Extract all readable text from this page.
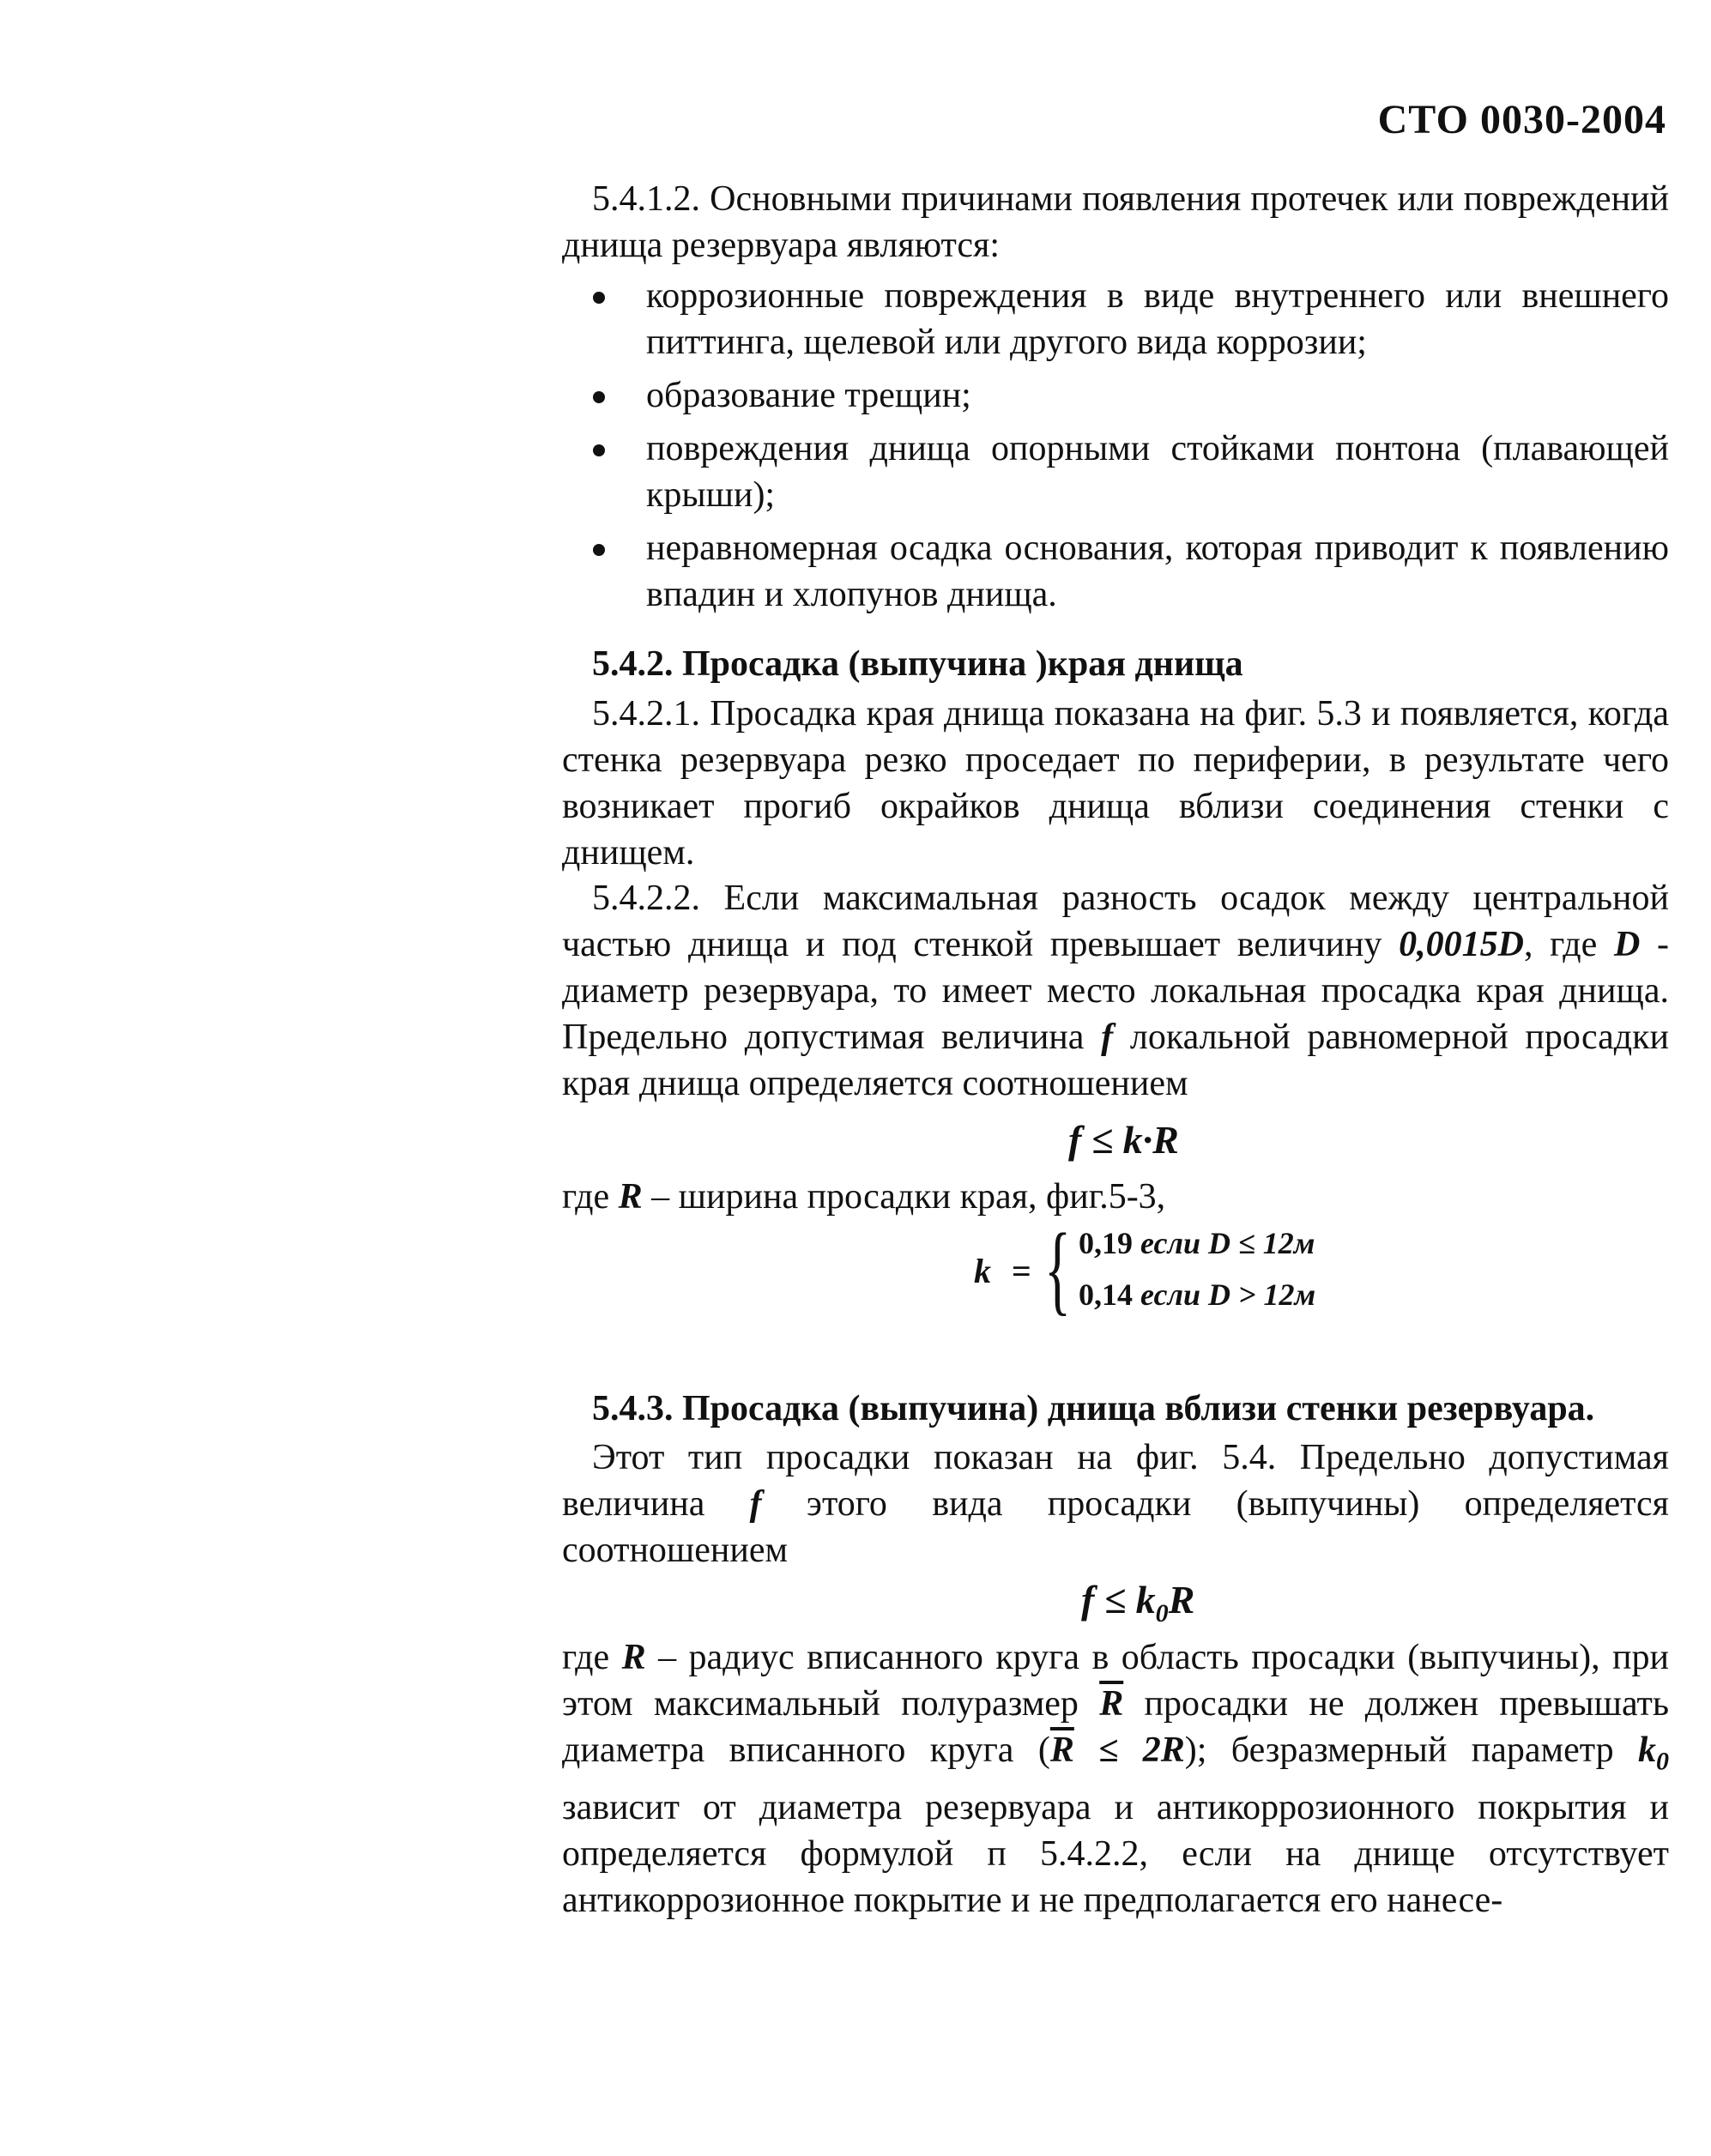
СТО 0030-2004

5.4.1.2. Основными причинами появления протечек или повреждений днища резервуара являются:

коррозионные повреждения в виде внутреннего или внешнего питтинга, щелевой или другого вида коррозии;
образование трещин;
повреждения днища опорными стойками понтона (плавающей крыши);
неравномерная осадка основания, которая приводит к появлению впадин и хлопунов днища.
5.4.2. Просадка (выпучина )края днища

5.4.2.1. Просадка края днища показана на фиг. 5.3 и появляется, когда стенка резервуара резко проседает по периферии, в результате чего возникает прогиб окрайков днища вблизи соединения стенки с днищем.

5.4.2.2. Если максимальная разность осадок между центральной частью днища и под стенкой превышает величину 0,0015D, где D - диаметр резервуара, то имеет место локальная просадка края днища. Предельно допустимая величина f локальной равномерной просадки края днища определяется соотношением

f ≤ k·R

где R – ширина просадки края, фиг.5-3,

k = { 0,19 если D ≤ 12м
0,14 если D > 12м
5.4.3. Просадка (выпучина) днища вблизи стенки резервуара.

Этот тип просадки показан на фиг. 5.4. Предельно допустимая величина f этого вида просадки (выпучины) определяется соотношением

$f \le k_0R$

где R – радиус вписанного круга в область просадки (выпучины), при этом максимальный полуразмер $\overline{R}$ просадки не должен превышать диаметра вписанного круга $(\overline{R} \le 2R)$; безразмерный параметр $k_0$ зависит от диаметра резервуара и антикоррозионного покрытия и определяется формулой п 5.4.2.2, если на днище отсутствует антикоррозионное покрытие и не предполагается его нанесе-
